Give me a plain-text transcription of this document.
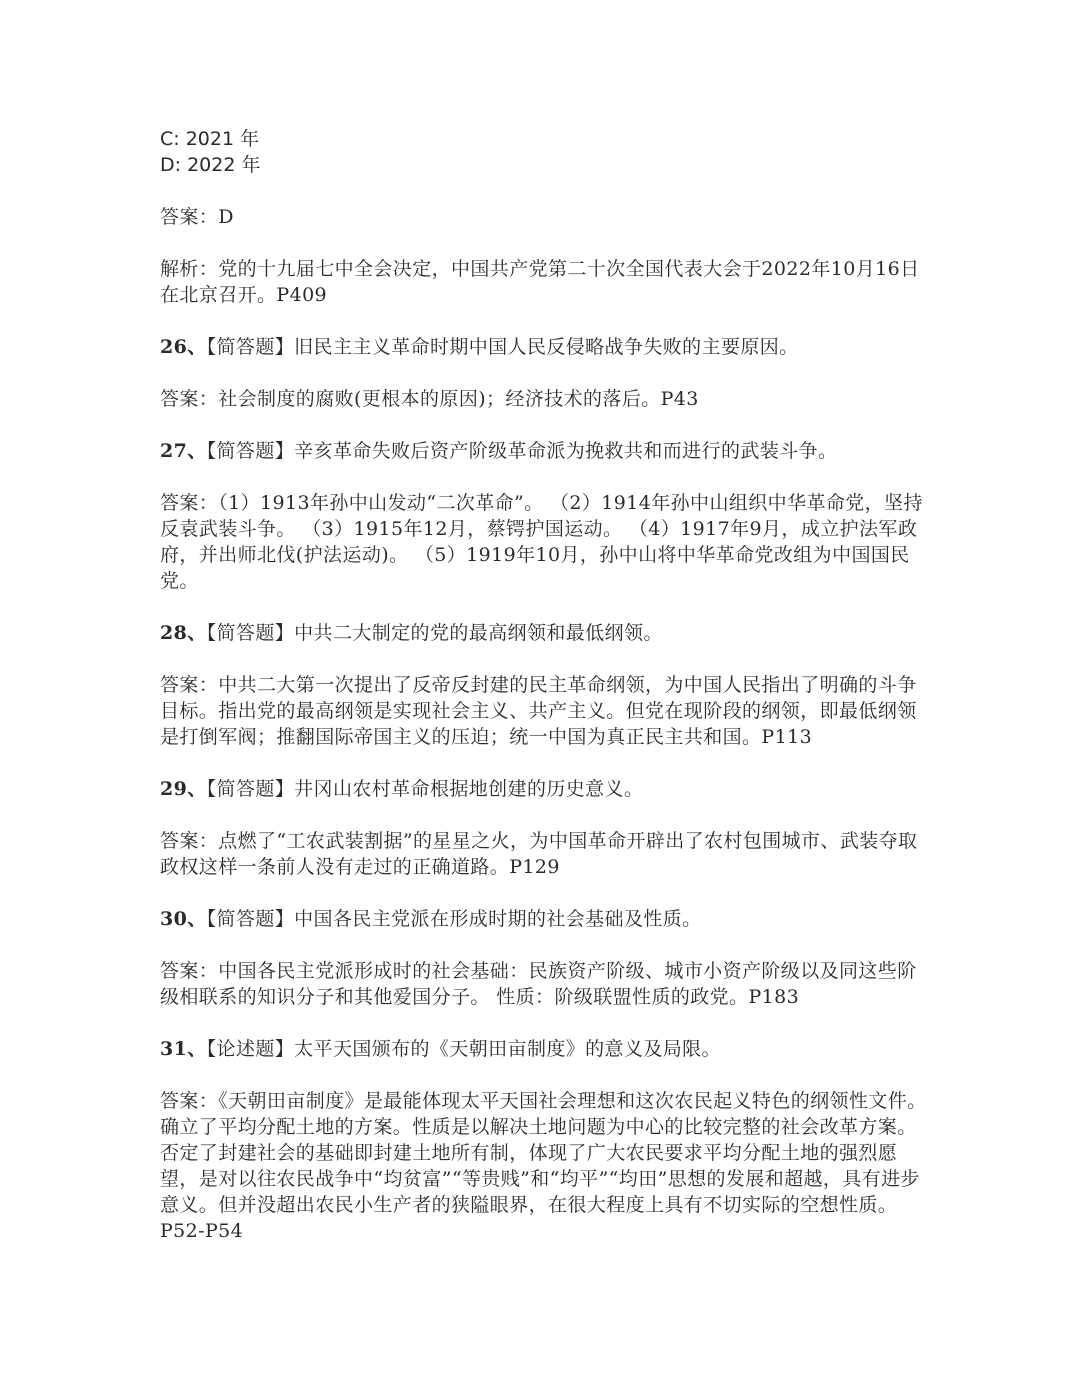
C: 2021 年

D: 2022 年

答案：D

解析：党的十九届七中全会决定，中国共产党第二十次全国代表大会于2022年10月16日在北京召开。P409

26、【简答题】旧民主主义革命时期中国人民反侵略战争失败的主要原因。

答案：社会制度的腐败(更根本的原因)；经济技术的落后。P43

27、【简答题】辛亥革命失败后资产阶级革命派为挽救共和而进行的武装斗争。

答案：（1）1913年孙中山发动“二次革命”。 （2）1914年孙中山组织中华革命党，坚持反袁武装斗争。 （3）1915年12月，蔡锷护国运动。 （4）1917年9月，成立护法军政府，并出师北伐(护法运动)。 （5）1919年10月，孙中山将中华革命党改组为中国国民党。

28、【简答题】中共二大制定的党的最高纲领和最低纲领。

答案：中共二大第一次提出了反帝反封建的民主革命纲领，为中国人民指出了明确的斗争目标。指出党的最高纲领是实现社会主义、共产主义。但党在现阶段的纲领，即最低纲领是打倒军阀；推翻国际帝国主义的压迫；统一中国为真正民主共和国。P113

29、【简答题】井冈山农村革命根据地创建的历史意义。

答案：点燃了“工农武装割据”的星星之火，为中国革命开辟出了农村包围城市、武装夺取政权这样一条前人没有走过的正确道路。P129

30、【简答题】中国各民主党派在形成时期的社会基础及性质。

答案：中国各民主党派形成时的社会基础：民族资产阶级、城市小资产阶级以及同这些阶级相联系的知识分子和其他爱国分子。 性质：阶级联盟性质的政党。P183

31、【论述题】太平天国颁布的《天朝田亩制度》的意义及局限。

答案：《天朝田亩制度》是最能体现太平天国社会理想和这次农民起义特色的纲领性文件。确立了平均分配土地的方案。性质是以解决土地问题为中心的比较完整的社会改革方案。否定了封建社会的基础即封建土地所有制，体现了广大农民要求平均分配土地的强烈愿望，是对以往农民战争中“均贫富”“等贵贱”和“均平”“均田”思想的发展和超越，具有进步意义。但并没超出农民小生产者的狭隘眼界，在很大程度上具有不切实际的空想性质。P52-P54
